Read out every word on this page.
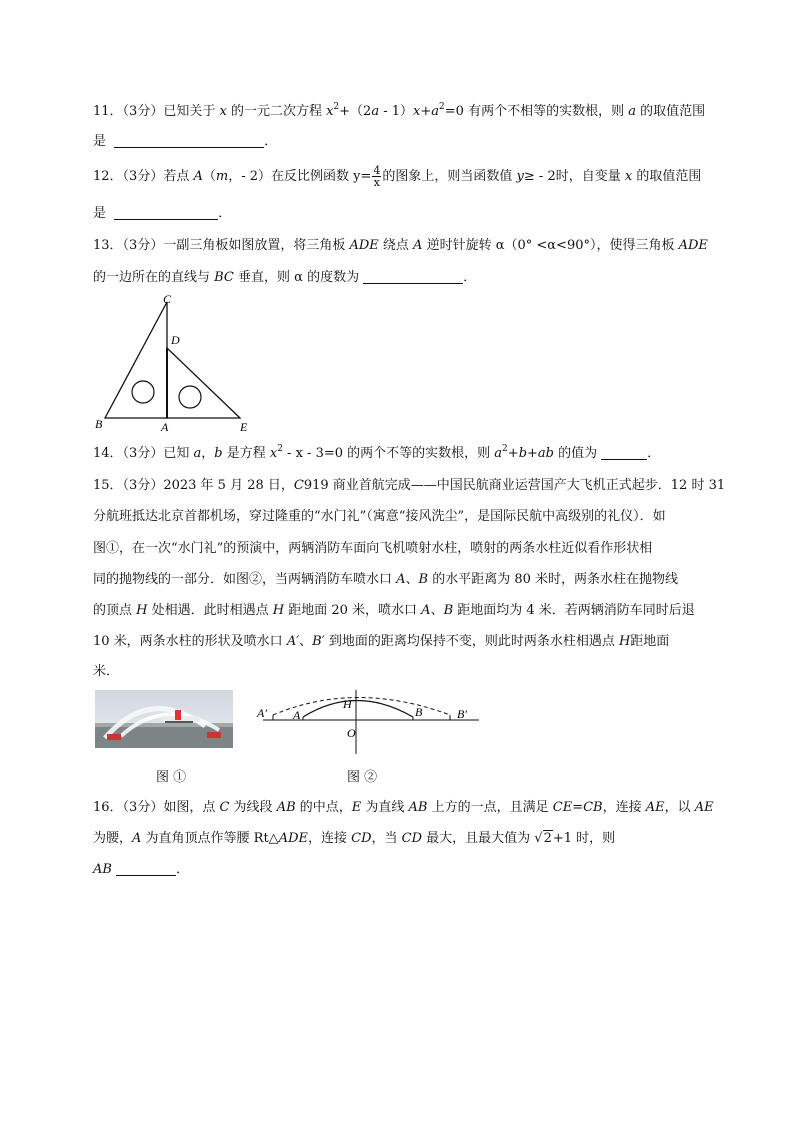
11．（3分）已知关于 x 的一元二次方程 $x^2+(2a - 1)x+a^2=0$ 有两个不相等的实数根，则 a 的取值范围
是	．
12．（3分）若点 A（m，- 2）在反比例函数 $y= \frac{4}{x}$ 的图象上，则当函数值 y≥ - 2时，自变量 x 的取值范围
是	．
13．（3分）一副三角板如图放置，将三角板 ADE 绕点 A 逆时针旋转 α（0° <α<90°），使得三角板 ADE
的一边所在的直线与 BC 垂直，则 α 的度数为	．
C
D
B	A	E
14．（3分）已知 a，b 是方程 $x^2 - x - 3=0$ 的两个不等的实数根，则 $a^2+b+ab$ 的值为	．
15．（3分）2023 年 5 月 28 日，C919 商业首航完成——中国民航商业运营国产大飞机正式起步．12 时 31
分航班抵达北京首都机场，穿过隆重的“水门礼”（寓意“接风洗尘”，是国际民航中高级别的礼仪）．如
图①，在一次“水门礼”的预演中，两辆消防车面向飞机喷射水柱，喷射的两条水柱近似看作形状相
同的抛物线的一部分．如图②，当两辆消防车喷水口 A、B 的水平距离为 80 米时，两条水柱在抛物线
的顶点 H 处相遇．此时相遇点 H 距地面 20 米，喷水口 A、B 距地面均为 4 米．若两辆消防车同时后退
10 米，两条水柱的形状及喷水口 A′、B′ 到地面的距离均保持不变，则此时两条水柱相遇点 H距地面
米．
A′ A
H
B	B′
O
图 ①	图 ②
16．（3分）如图，点 C 为线段 AB 的中点，E 为直线 AB 上方的一点，且满足 CE=CB，连接 AE，以 AE
为腰，A 为直角顶点作等腰 Rt△ADE，连接 CD，当 CD 最大，且最大值为 √2+1 时，则
AB	．
